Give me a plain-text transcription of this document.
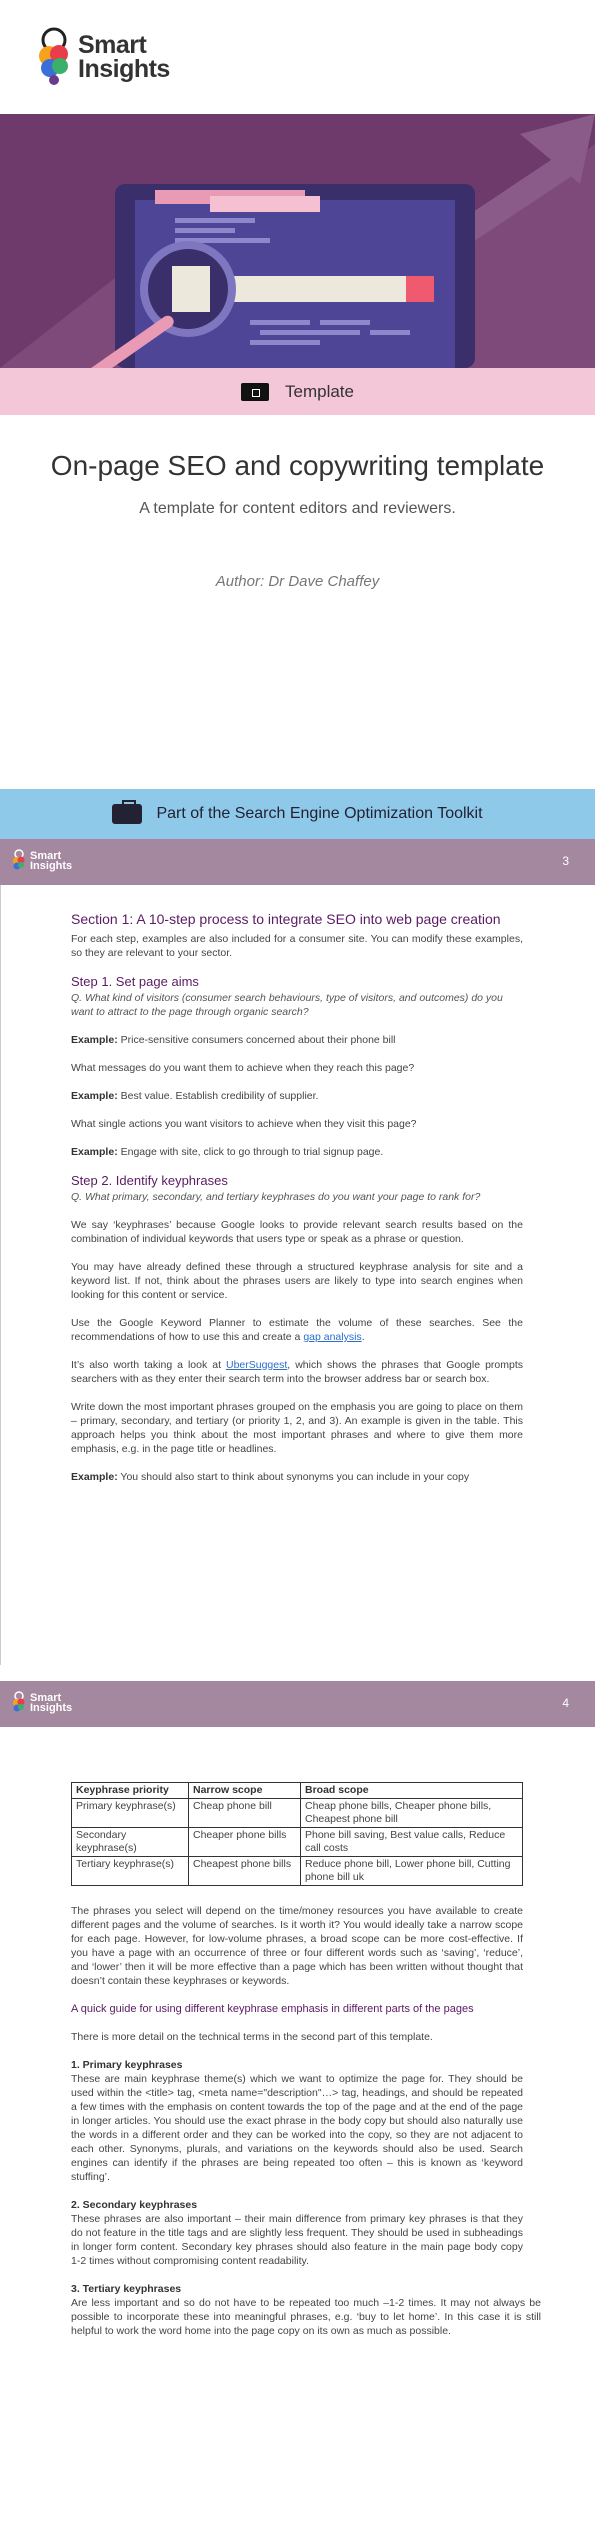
Smart
Insights
Template
On-page SEO and copywriting template
A template for content editors and reviewers.
Author: Dr Dave Chaffey
Part of the Search Engine Optimization Toolkit
Smart
Insights	3
Section 1: A 10-step process to integrate SEO into web page creation

For each step, examples are also included for a consumer site. You can modify these examples, so they are relevant to your sector.

Step 1. Set page aims

Q. What kind of visitors (consumer search behaviours, type of visitors, and outcomes) do you want to attract to the page through organic search?

Example: Price-sensitive consumers concerned about their phone bill

What messages do you want them to achieve when they reach this page?

Example: Best value. Establish credibility of supplier.

What single actions you want visitors to achieve when they visit this page?

Example: Engage with site, click to go through to trial signup page.

Step 2. Identify keyphrases

Q. What primary, secondary, and tertiary keyphrases do you want your page to rank for?

We say ‘keyphrases’ because Google looks to provide relevant search results based on the combination of individual keywords that users type or speak as a phrase or question.

You may have already defined these through a structured keyphrase analysis for site and a keyword list. If not, think about the phrases users are likely to type into search engines when looking for this content or service.

Use the Google Keyword Planner to estimate the volume of these searches. See the recommendations of how to use this and create a gap analysis.

It’s also worth taking a look at UberSuggest, which shows the phrases that Google prompts searchers with as they enter their search term into the browser address bar or search box.

Write down the most important phrases grouped on the emphasis you are going to place on them – primary, secondary, and tertiary (or priority 1, 2, and 3). An example is given in the table. This approach helps you think about the most important phrases and where to give them more emphasis, e.g. in the page title or headlines.

Example: You should also start to think about synonyms you can include in your copy

Smart
Insights	4
Keyphrase priority	Narrow scope	Broad scope
Primary keyphrase(s)	Cheap phone bill	Cheap phone bills, Cheaper phone bills, Cheapest phone bill
Secondary keyphrase(s)	Cheaper phone bills	Phone bill saving, Best value calls, Reduce call costs
Tertiary keyphrase(s)	Cheapest phone bills	Reduce phone bill, Lower phone bill, Cutting phone bill uk

The phrases you select will depend on the time/money resources you have available to create different pages and the volume of searches. Is it worth it? You would ideally take a narrow scope for each page. However, for low-volume phrases, a broad scope can be more cost-effective. If you have a page with an occurrence of three or four different words such as ‘saving’, ‘reduce’, and ‘lower’ then it will be more effective than a page which has been written without thought that doesn’t contain these keyphrases or keywords.

A quick guide for using different keyphrase emphasis in different parts of the pages

There is more detail on the technical terms in the second part of this template.

1. Primary keyphrases

These are main keyphrase theme(s) which we want to optimize the page for. They should be used within the <title> tag, <meta name="description"…> tag, headings, and should be repeated a few times with the emphasis on content towards the top of the page and at the end of the page in longer articles. You should use the exact phrase in the body copy but should also naturally use the words in a different order and they can be worked into the copy, so they are not adjacent to each other. Synonyms, plurals, and variations on the keywords should also be used. Search engines can identify if the phrases are being repeated too often – this is known as ‘keyword stuffing’.

2. Secondary keyphrases

These phrases are also important – their main difference from primary key phrases is that they do not feature in the title tags and are slightly less frequent. They should be used in subheadings in longer form content. Secondary key phrases should also feature in the main page body copy 1-2 times without compromising content readability.

3. Tertiary keyphrases

Are less important and so do not have to be repeated too much –1-2 times. It may not always be possible to incorporate these into meaningful phrases, e.g. ‘buy to let home’. In this case it is still helpful to work the word home into the page copy on its own as much as possible.
